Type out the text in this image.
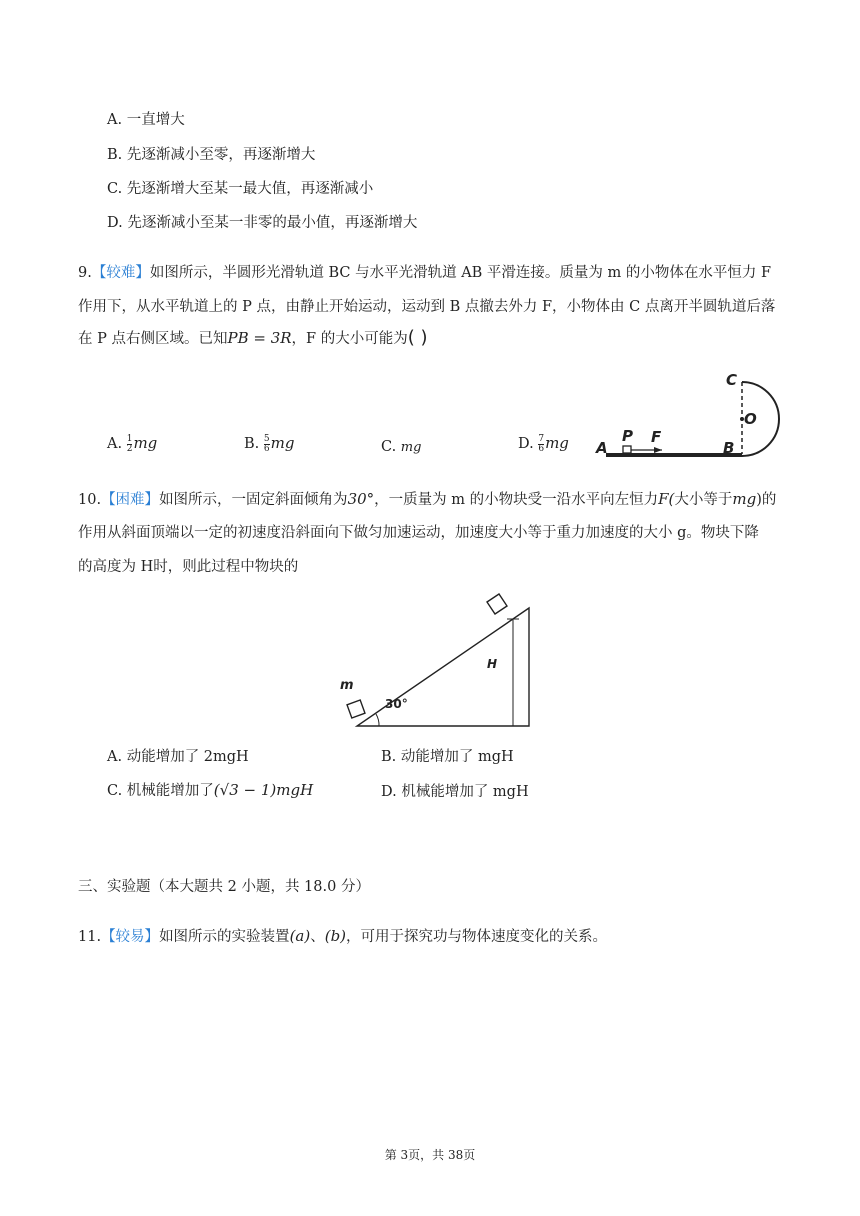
A. 一直增大
B. 先逐渐减小至零，再逐渐增大
C. 先逐渐增大至某一最大值，再逐渐减小
D. 先逐渐减小至某一非零的最小值，再逐渐增大
9.【较难】如图所示，半圆形光滑轨道 BC 与水平光滑轨道 AB 平滑连接。质量为 m 的小物体在水平恒力 F
作用下，从水平轨道上的 P 点，由静止开始运动，运动到 B 点撤去外力 F，小物体由 C 点离开半圆轨道后落
在 P 点右侧区域。已知PB = 3R，F 的大小可能为( )
A. $\frac{1}{2}$ mg	B. $\frac{5}{6}$ mg	C. mg	D. $\frac{7}{6}$ mg A
P F
B
C
O
10.【困难】如图所示，一固定斜面倾角为30°，一质量为 m 的小物块受一沿水平向左恒力F(大小等于mg)的
作用从斜面顶端以一定的初速度沿斜面向下做匀加速运动，加速度大小等于重力加速度的大小 g。物块下降
的高度为 H时，则此过程中物块的
m
H
30°
A. 动能增加了 2mgH	B. 动能增加了 mgH
C. 机械能增加了(√3 − 1)mgH	D. 机械能增加了 mgH
三、实验题（本大题共 2 小题，共 18.0 分）
11.【较易】如图所示的实验装置(a)、(b)，可用于探究功与物体速度变化的关系。
第 3页，共 38页
